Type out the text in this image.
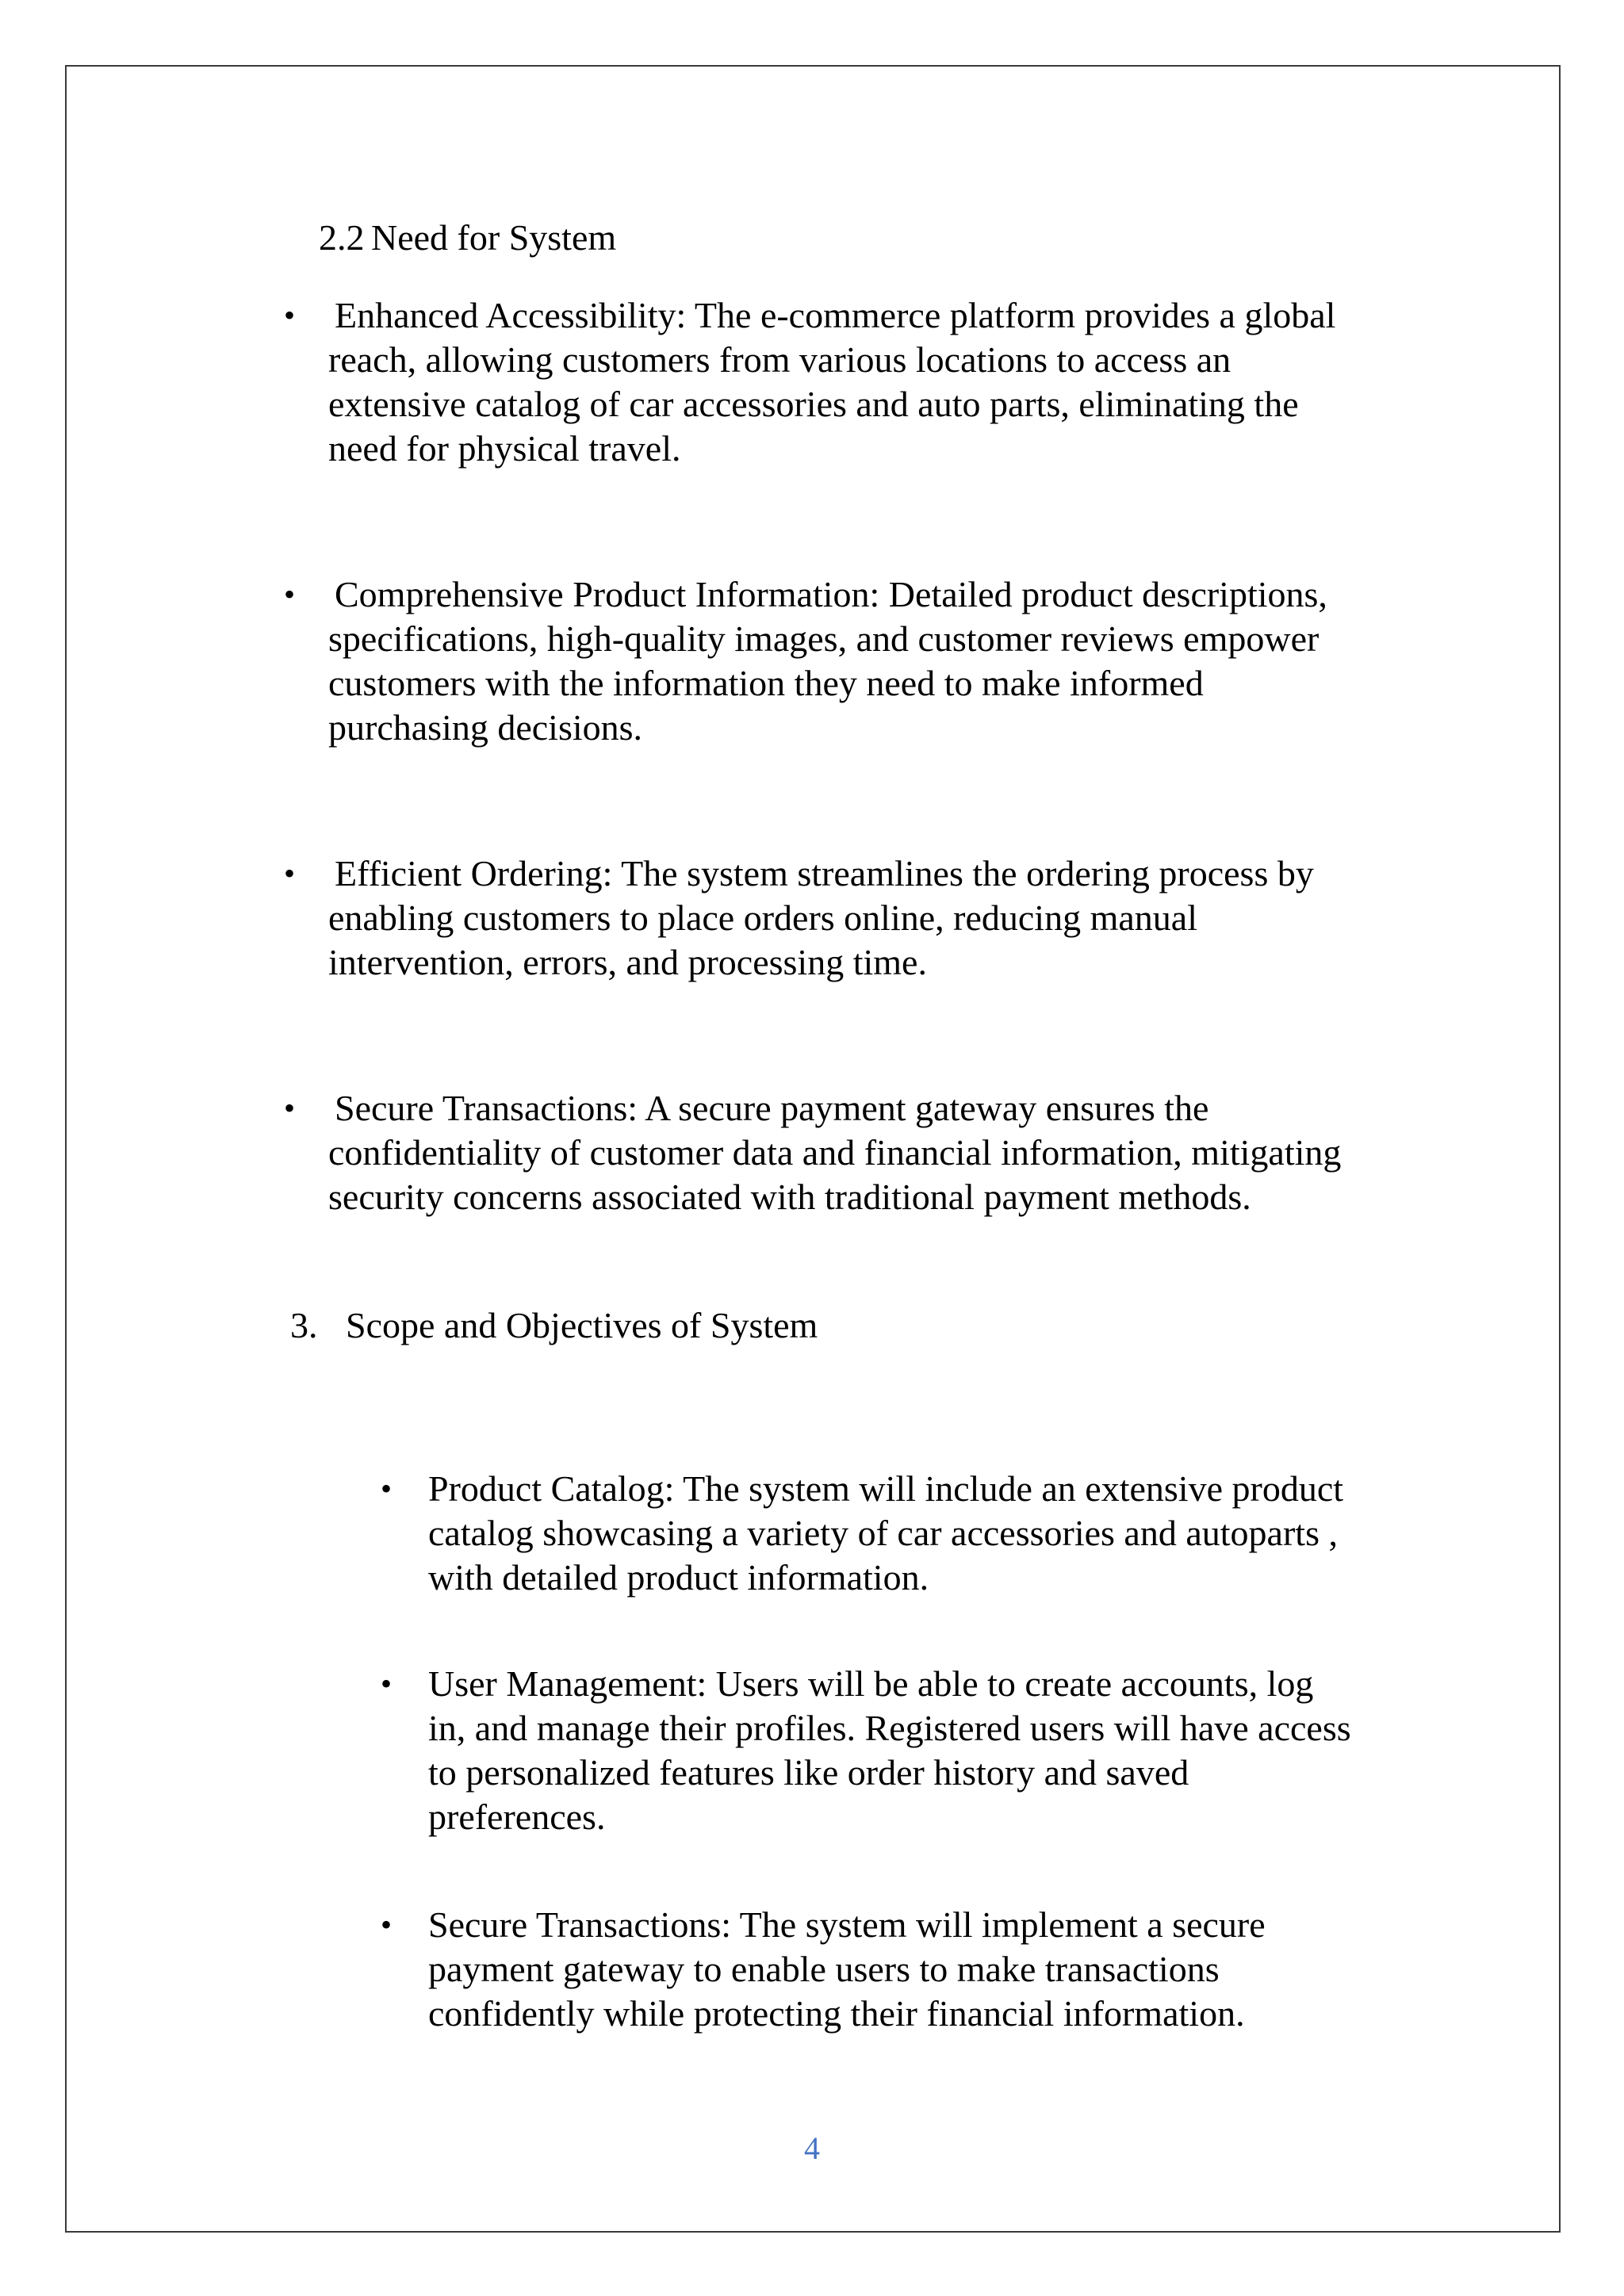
2.2 Need for System
•	Enhanced Accessibility: The e-commerce platform provides a global
reach, allowing customers from various locations to access an
extensive catalog of car accessories and auto parts, eliminating the
need for physical travel.
•	Comprehensive Product Information: Detailed product descriptions,
specifications, high-quality images, and customer reviews empower
customers with the information they need to make informed
purchasing decisions.
•	Efficient Ordering: The system streamlines the ordering process by
enabling customers to place orders online, reducing manual
intervention, errors, and processing time.
•	Secure Transactions: A secure payment gateway ensures the
confidentiality of customer data and financial information, mitigating
security concerns associated with traditional payment methods.
3. Scope and Objectives of System
• Product Catalog: The system will include an extensive product
catalog showcasing a variety of car accessories and autoparts ,
with detailed product information.
• User Management: Users will be able to create accounts, log
in, and manage their profiles. Registered users will have access
to personalized features like order history and saved
preferences.
• Secure Transactions: The system will implement a secure
payment gateway to enable users to make transactions
confidently while protecting their financial information.
4
